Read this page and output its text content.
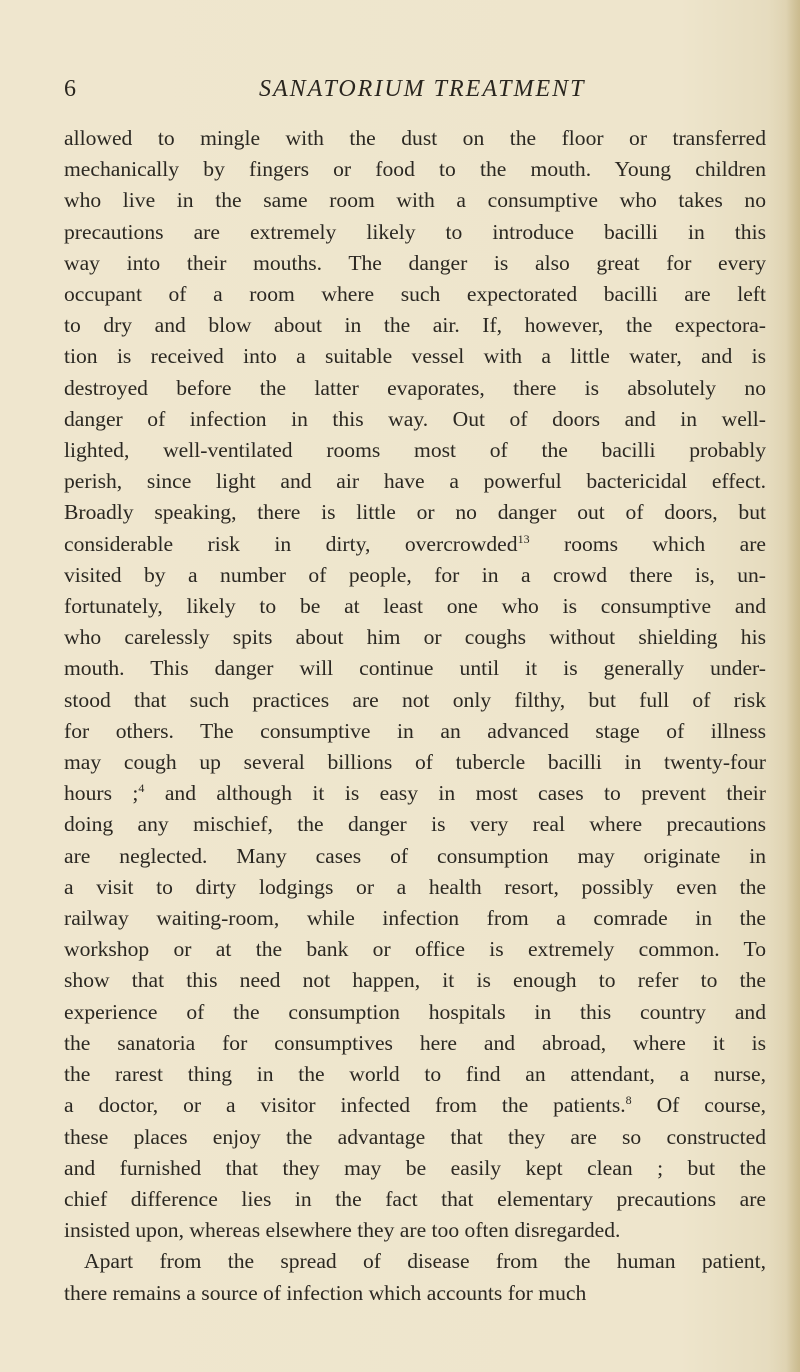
6	SANATORIUM TREATMENT
allowed to mingle with the dust on the floor or transferred
mechanically by fingers or food to the mouth. Young children
who live in the same room with a consumptive who takes no
precautions are extremely likely to introduce bacilli in this
way into their mouths. The danger is also great for every
occupant of a room where such expectorated bacilli are left
to dry and blow about in the air. If, however, the expectora-
tion is received into a suitable vessel with a little water, and is
destroyed before the latter evaporates, there is absolutely no
danger of infection in this way. Out of doors and in well-
lighted, well-ventilated rooms most of the bacilli probably
perish, since light and air have a powerful bactericidal effect.
Broadly speaking, there is little or no danger out of doors, but
considerable risk in dirty, overcrowded$^{13}$ rooms which are
visited by a number of people, for in a crowd there is, un-
fortunately, likely to be at least one who is consumptive and
who carelessly spits about him or coughs without shielding his
mouth. This danger will continue until it is generally under-
stood that such practices are not only filthy, but full of risk
for others. The consumptive in an advanced stage of illness
may cough up several billions of tubercle bacilli in twenty-four
hours ;$^4$ and although it is easy in most cases to prevent their
doing any mischief, the danger is very real where precautions
are neglected. Many cases of consumption may originate in
a visit to dirty lodgings or a health resort, possibly even the
railway waiting-room, while infection from a comrade in the
workshop or at the bank or office is extremely common. To
show that this need not happen, it is enough to refer to the
experience of the consumption hospitals in this country and
the sanatoria for consumptives here and abroad, where it is
the rarest thing in the world to find an attendant, a nurse,
a doctor, or a visitor infected from the patients.$^8$ Of course,
these places enjoy the advantage that they are so constructed
and furnished that they may be easily kept clean ; but the
chief difference lies in the fact that elementary precautions are
insisted upon, whereas elsewhere they are too often disregarded.
Apart from the spread of disease from the human patient,
there remains a source of infection which accounts for much
